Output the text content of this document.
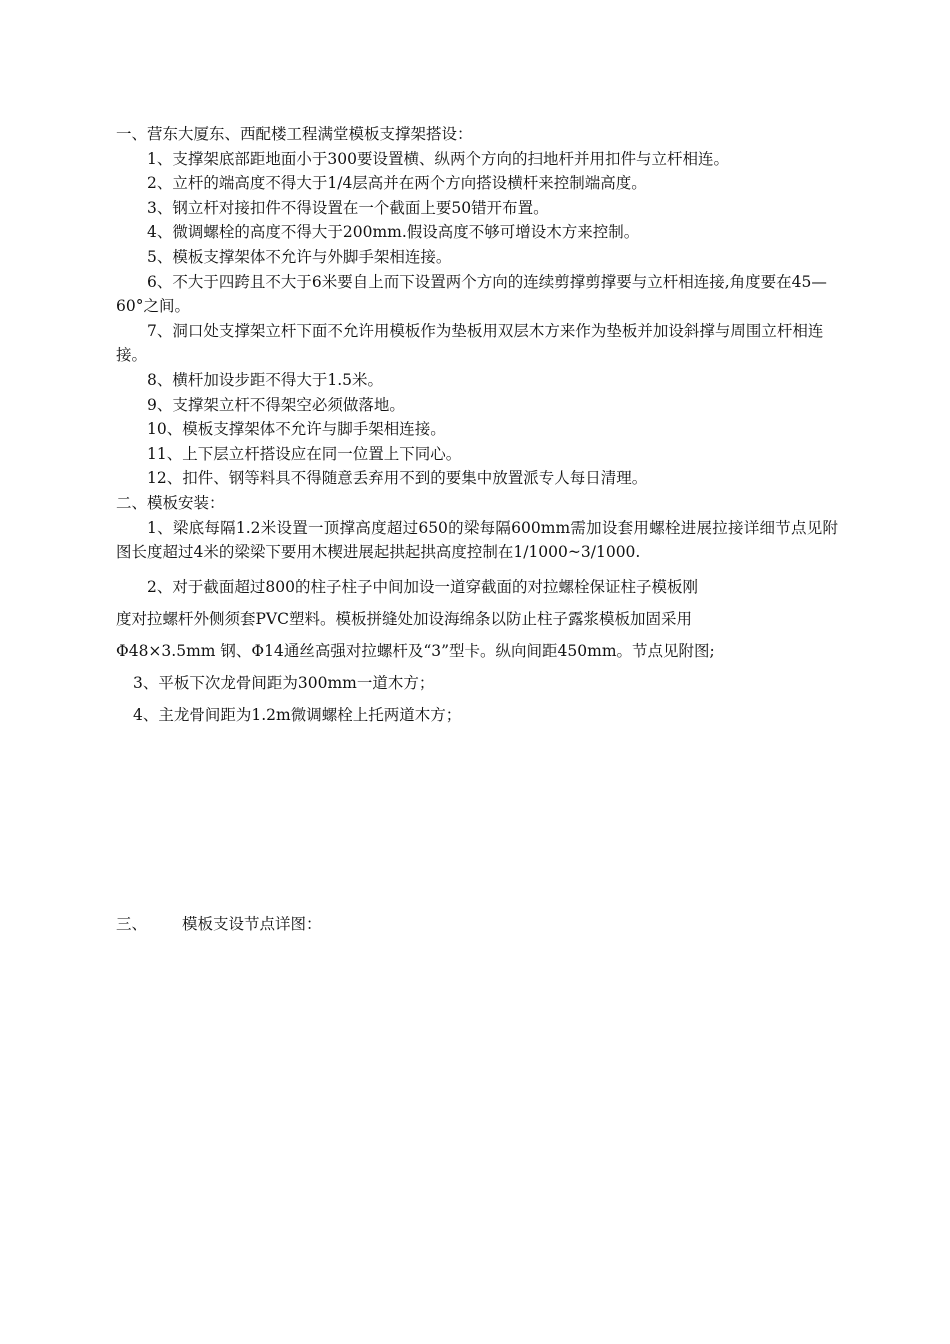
一、营东大厦东、西配楼工程满堂模板支撑架搭设：

1、支撑架底部距地面小于300要设置横、纵两个方向的扫地杆并用扣件与立杆相连。

2、立杆的端高度不得大于1/4层高并在两个方向搭设横杆来控制端高度。

3、钢立杆对接扣件不得设置在一个截面上要50错开布置。

4、微调螺栓的高度不得大于200mm.假设高度不够可增设木方来控制。

5、模板支撑架体不允许与外脚手架相连接。

6、不大于四跨且不大于6米要自上而下设置两个方向的连续剪撑剪撑要与立杆相连接,角度要在45—60°之间。

7、洞口处支撑架立杆下面不允许用模板作为垫板用双层木方来作为垫板并加设斜撑与周围立杆相连接。

8、横杆加设步距不得大于1.5米。

9、支撑架立杆不得架空必须做落地。

10、模板支撑架体不允许与脚手架相连接。

11、上下层立杆搭设应在同一位置上下同心。

12、扣件、钢等料具不得随意丢弃用不到的要集中放置派专人每日清理。

二、模板安装：

1、梁底每隔1.2米设置一顶撑高度超过650的梁每隔600mm需加设套用螺栓进展拉接详细节点见附图长度超过4米的梁梁下要用木楔进展起拱起拱高度控制在1/1000~3/1000.

2、对于截面超过800的柱子柱子中间加设一道穿截面的对拉螺栓保证柱子模板刚

度对拉螺杆外侧须套PVC塑料。模板拼缝处加设海绵条以防止柱子露浆模板加固采用

Φ48×3.5mm 钢、Φ14通丝高强对拉螺杆及“3”型卡。纵向间距450mm。节点见附图;

3、平板下次龙骨间距为300mm一道木方；

4、主龙骨间距为1.2m微调螺栓上托两道木方；

三、 模板支设节点详图：
